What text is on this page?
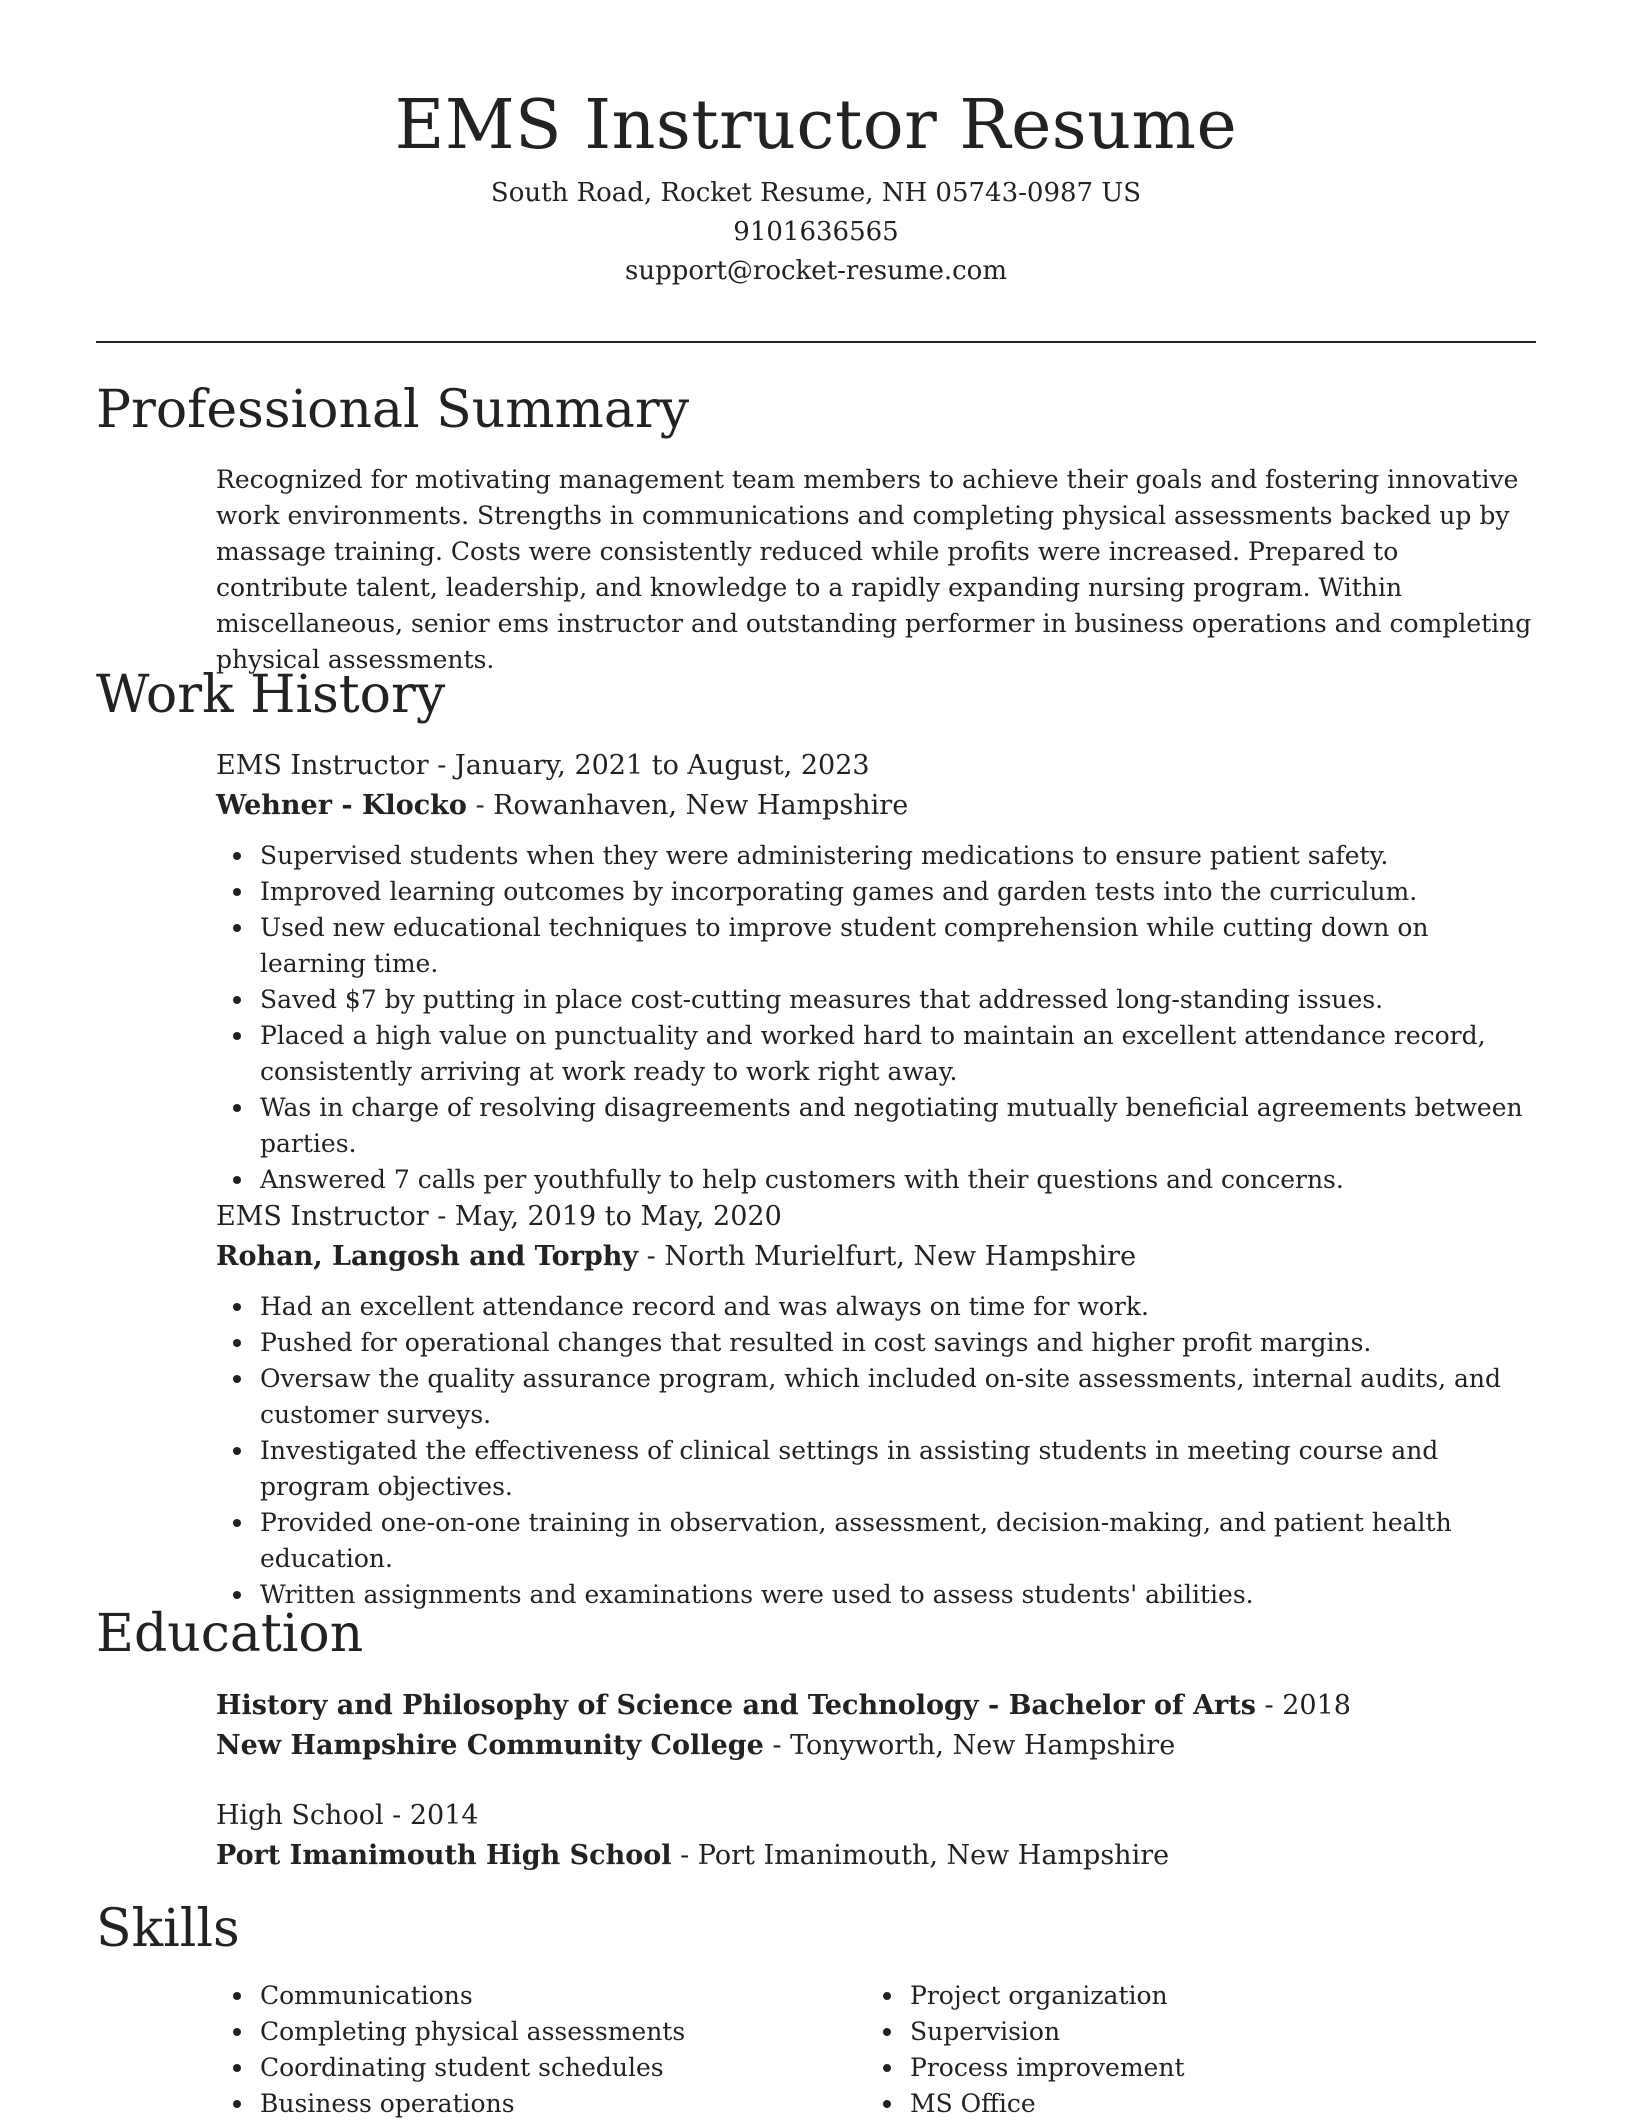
EMS Instructor Resume

South Road, Rocket Resume, NH 05743-0987 US

9101636565

support@rocket-resume.com

Professional Summary

Recognized for motivating management team members to achieve their goals and fostering innovative work environments. Strengths in communications and completing physical assessments backed up by massage training. Costs were consistently reduced while profits were increased. Prepared to contribute talent, leadership, and knowledge to a rapidly expanding nursing program. Within miscellaneous, senior ems instructor and outstanding performer in business operations and completing physical assessments.

Work History

EMS Instructor - January, 2021 to August, 2023

Wehner - Klocko - Rowanhaven, New Hampshire

Supervised students when they were administering medications to ensure patient safety.
Improved learning outcomes by incorporating games and garden tests into the curriculum.
Used new educational techniques to improve student comprehension while cutting down on learning time.
Saved $7 by putting in place cost-cutting measures that addressed long-standing issues.
Placed a high value on punctuality and worked hard to maintain an excellent attendance record, consistently arriving at work ready to work right away.
Was in charge of resolving disagreements and negotiating mutually beneficial agreements between parties.
Answered 7 calls per youthfully to help customers with their questions and concerns.

EMS Instructor - May, 2019 to May, 2020

Rohan, Langosh and Torphy - North Murielfurt, New Hampshire

Had an excellent attendance record and was always on time for work.
Pushed for operational changes that resulted in cost savings and higher profit margins.
Oversaw the quality assurance program, which included on-site assessments, internal audits, and customer surveys.
Investigated the effectiveness of clinical settings in assisting students in meeting course and program objectives.
Provided one-on-one training in observation, assessment, decision-making, and patient health education.
Written assignments and examinations were used to assess students' abilities.
Education

History and Philosophy of Science and Technology - Bachelor of Arts - 2018

New Hampshire Community College - Tonyworth, New Hampshire

High School - 2014

Port Imanimouth High School - Port Imanimouth, New Hampshire

Skills
Communications
Completing physical assessments
Coordinating student schedules
Business operations
Project organization
Supervision
Process improvement
MS Office
